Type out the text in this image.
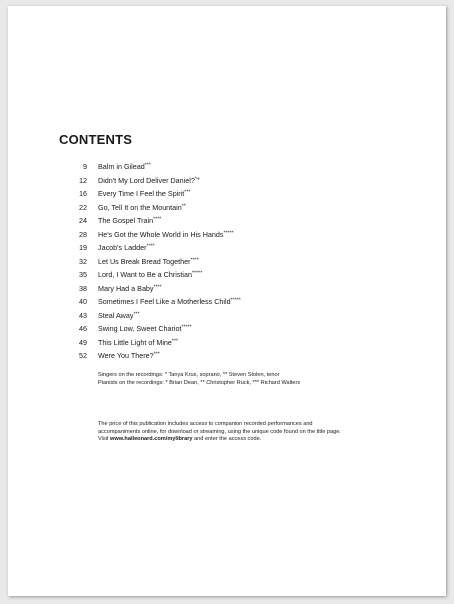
CONTENTS
9 Balm in Gilead***
12 Didn't My Lord Deliver Daniel?*+
16 Every Time I Feel the Spirit***
22 Go, Tell It on the Mountain**
24 The Gospel Train****
28 He's Got the Whole World in His Hands*****
19 Jacob's Ladder****
32 Let Us Break Bread Together****
35 Lord, I Want to Be a Christian*****
38 Mary Had a Baby****
40 Sometimes I Feel Like a Motherless Child*****
43 Steal Away***
46 Swing Low, Sweet Chariot*****
49 This Little Light of Mine***
52 Were You There?***

Singers on the recordings: * Tanya Krus, soprano, ** Steven Stolen, tenor

Pianists on the recordings: * Brian Dean, ** Christopher Ruck, *** Richard Walters

The price of this publication includes access to companion recorded performances and

accompaniments online, for download or streaming, using the unique code found on the title page.

Visit www.halleonard.com/mylibrary and enter the access code.
